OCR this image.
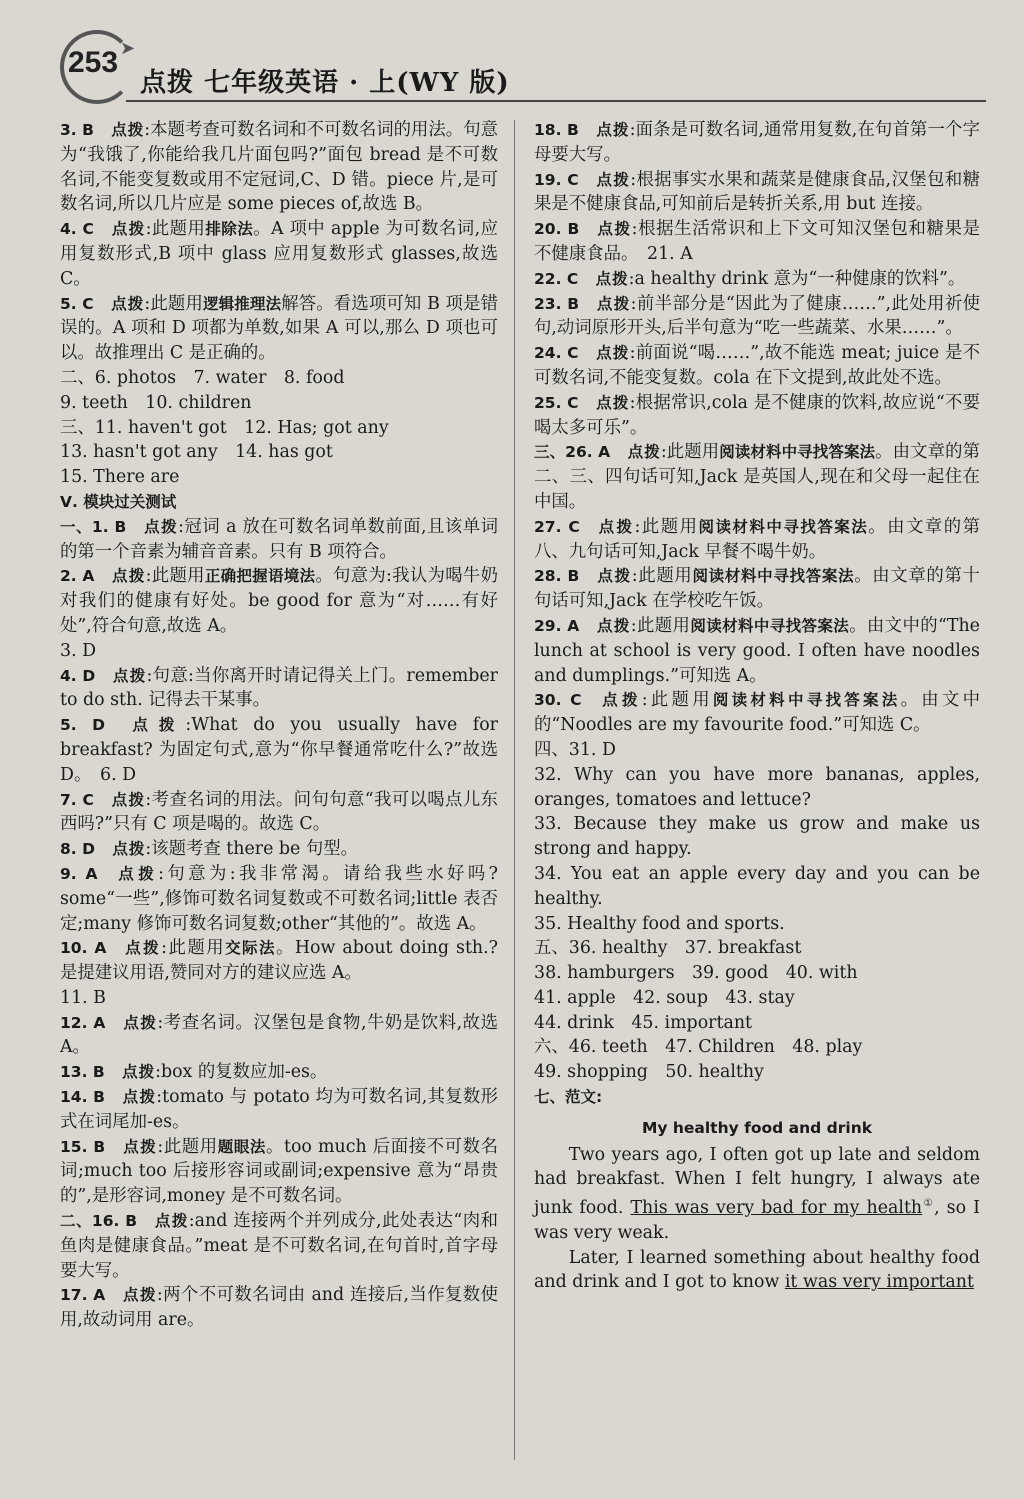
➤
253
点拨 七年级英语 · 上(WY 版)

3. B  点拨:本题考查可数名词和不可数名词的用法。句意为“我饿了,你能给我几片面包吗?”面包 bread 是不可数名词,不能变复数或用不定冠词,C、D 错。piece 片,是可数名词,所以几片应是 some pieces of,故选 B。

4. C  点拨:此题用排除法。A 项中 apple 为可数名词,应用复数形式,B 项中 glass 应用复数形式 glasses,故选 C。

5. C  点拨:此题用逻辑推理法解答。看选项可知 B 项是错误的。A 项和 D 项都为单数,如果 A 可以,那么 D 项也可以。故推理出 C 是正确的。

二、6. photos　7. water　8. food

9. teeth　10. children

三、11. haven't got　12. Has; got any

13. hasn't got any　14. has got

15. There are

Ⅴ. 模块过关测试

一、1. B  点拨:冠词 a 放在可数名词单数前面,且该单词的第一个音素为辅音音素。只有 B 项符合。

2. A  点拨:此题用正确把握语境法。句意为:我认为喝牛奶对我们的健康有好处。be good for 意为“对……有好处”,符合句意,故选 A。

3. D

4. D  点拨:句意:当你离开时请记得关上门。remember to do sth. 记得去干某事。

5. D  点拨:What do you usually have for breakfast? 为固定句式,意为“你早餐通常吃什么?”故选 D。　6. D

7. C  点拨:考查名词的用法。问句句意“我可以喝点儿东西吗?”只有 C 项是喝的。故选 C。

8. D  点拨:该题考查 there be 句型。

9. A  点拨:句意为:我非常渴。请给我些水好吗? some“一些”,修饰可数名词复数或不可数名词;little 表否定;many 修饰可数名词复数;other“其他的”。故选 A。

10. A  点拨:此题用交际法。How about doing sth.? 是提建议用语,赞同对方的建议应选 A。

11. B

12. A  点拨:考查名词。汉堡包是食物,牛奶是饮料,故选 A。

13. B  点拨:box 的复数应加-es。

14. B  点拨:tomato 与 potato 均为可数名词,其复数形式在词尾加-es。

15. B  点拨:此题用题眼法。too much 后面接不可数名词;much too 后接形容词或副词;expensive 意为“昂贵的”,是形容词,money 是不可数名词。

二、16. B  点拨:and 连接两个并列成分,此处表达“肉和鱼肉是健康食品。”meat 是不可数名词,在句首时,首字母要大写。

17. A  点拨:两个不可数名词由 and 连接后,当作复数使用,故动词用 are。

18. B  点拨:面条是可数名词,通常用复数,在句首第一个字母要大写。

19. C  点拨:根据事实水果和蔬菜是健康食品,汉堡包和糖果是不健康食品,可知前后是转折关系,用 but 连接。

20. B  点拨:根据生活常识和上下文可知汉堡包和糖果是不健康食品。　21. A

22. C  点拨:a healthy drink 意为“一种健康的饮料”。

23. B  点拨:前半部分是“因此为了健康……”,此处用祈使句,动词原形开头,后半句意为“吃一些蔬菜、水果……”。

24. C  点拨:前面说“喝……”,故不能选 meat; juice 是不可数名词,不能变复数。cola 在下文提到,故此处不选。

25. C  点拨:根据常识,cola 是不健康的饮料,故应说“不要喝太多可乐”。

三、26. A  点拨:此题用阅读材料中寻找答案法。由文章的第二、三、四句话可知,Jack 是英国人,现在和父母一起住在中国。

27. C  点拨:此题用阅读材料中寻找答案法。由文章的第八、九句话可知,Jack 早餐不喝牛奶。

28. B  点拨:此题用阅读材料中寻找答案法。由文章的第十句话可知,Jack 在学校吃午饭。

29. A  点拨:此题用阅读材料中寻找答案法。由文中的“The lunch at school is very good. I often have noodles and dumplings.”可知选 A。

30. C  点拨:此题用阅读材料中寻找答案法。由文中的“Noodles are my favourite food.”可知选 C。

四、31. D

32. Why can you have more bananas, apples, oranges, tomatoes and lettuce?

33. Because they make us grow and make us strong and happy.

34. You eat an apple every day and you can be healthy.

35. Healthy food and sports.

五、36. healthy　37. breakfast

38. hamburgers　39. good　40. with

41. apple　42. soup　43. stay

44. drink　45. important

六、46. teeth　47. Children　48. play

49. shopping　50. healthy

七、范文:

My healthy food and drink

Two years ago, I often got up late and seldom had breakfast. When I felt hungry, I always ate junk food. This was very bad for my health①, so I was very weak.

Later, I learned something about healthy food and drink and I got to know it was very important
